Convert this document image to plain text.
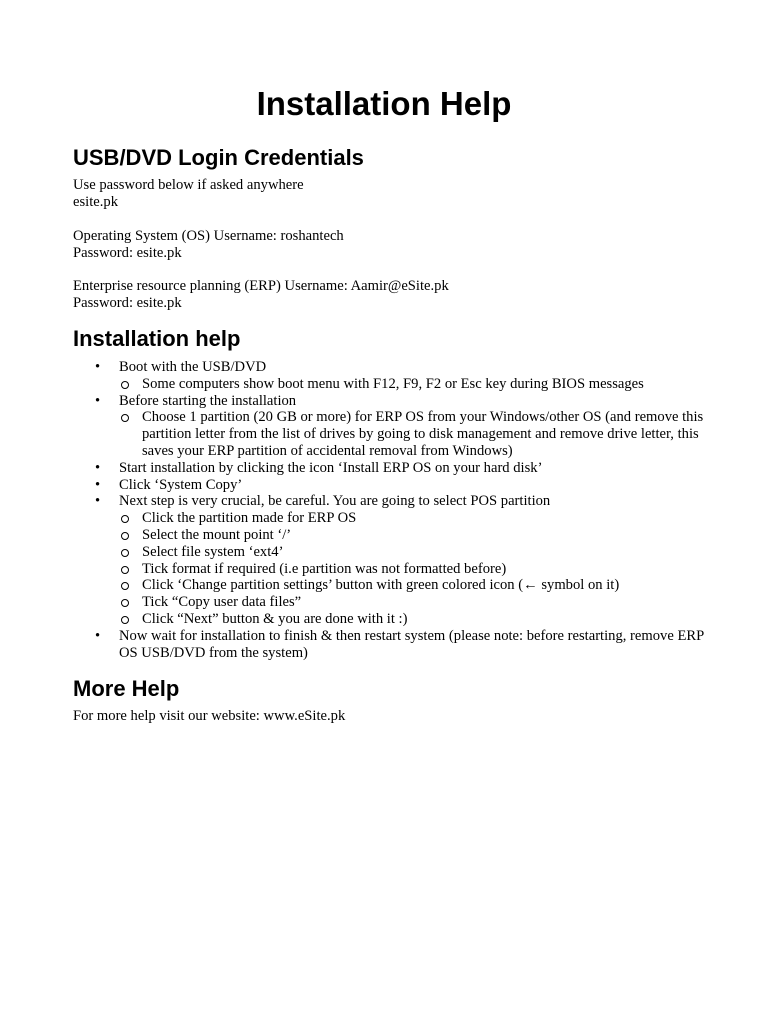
Installation Help
USB/DVD Login Credentials
Use password below if asked anywhere
esite.pk
Operating System (OS) Username: roshantech
Password: esite.pk
Enterprise resource planning (ERP) Username: Aamir@eSite.pk
Password: esite.pk
Installation help
• Boot with the USB/DVD
Some computers show boot menu with F12, F9, F2 or Esc key during BIOS messages
• Before starting the installation
Choose 1 partition (20 GB or more) for ERP OS from your Windows/other OS (and remove this partition letter from the list of drives by going to disk management and remove drive letter, this saves your ERP partition of accidental removal from Windows)
• Start installation by clicking the icon ‘Install ERP OS on your hard disk’
• Click ‘System Copy’
• Next step is very crucial, be careful. You are going to select POS partition
Click the partition made for ERP OS
Select the mount point ‘/’
Select file system ‘ext4’
Tick format if required (i.e partition was not formatted before)
Click ‘Change partition settings’ button with green colored icon (← symbol on it)
Tick “Copy user data files”
Click “Next” button & you are done with it :)
• Now wait for installation to finish & then restart system (please note: before restarting, remove ERP OS USB/DVD from the system)
More Help
For more help visit our website: www.eSite.pk
